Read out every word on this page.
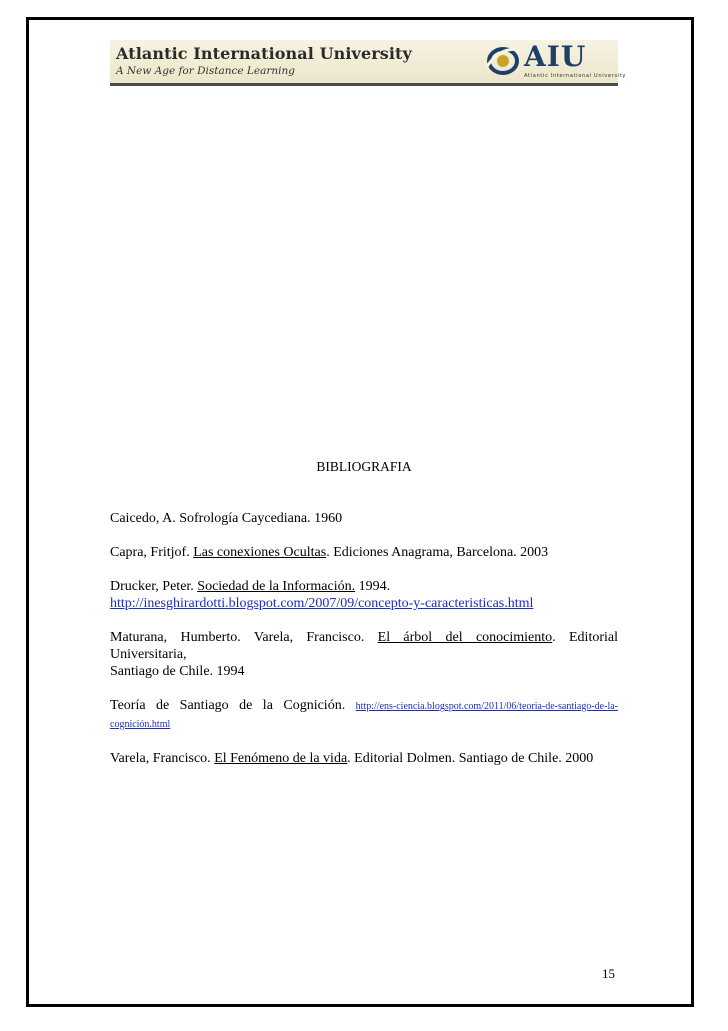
Atlantic International University
A New Age for Distance Learning	AIU
Atlantic International University

BIBLIOGRAFIA

Caicedo, A. Sofrología Caycediana. 1960

Capra, Fritjof. Las conexiones Ocultas. Ediciones Anagrama, Barcelona. 2003

Drucker, Peter. Sociedad de la Información. 1994.
http://inesghirardotti.blogspot.com/2007/09/concepto-y-caracteristicas.html

Maturana, Humberto. Varela, Francisco. El árbol del conocimiento. Editorial Universitaria,
Santiago de Chile. 1994

Teoría de Santiago de la Cognición. http://ens-ciencia.blogspot.com/2011/06/teoria-de-santiago-de-la-cognición.html

Varela, Francisco. El Fenómeno de la vida. Editorial Dolmen. Santiago de Chile. 2000

15
